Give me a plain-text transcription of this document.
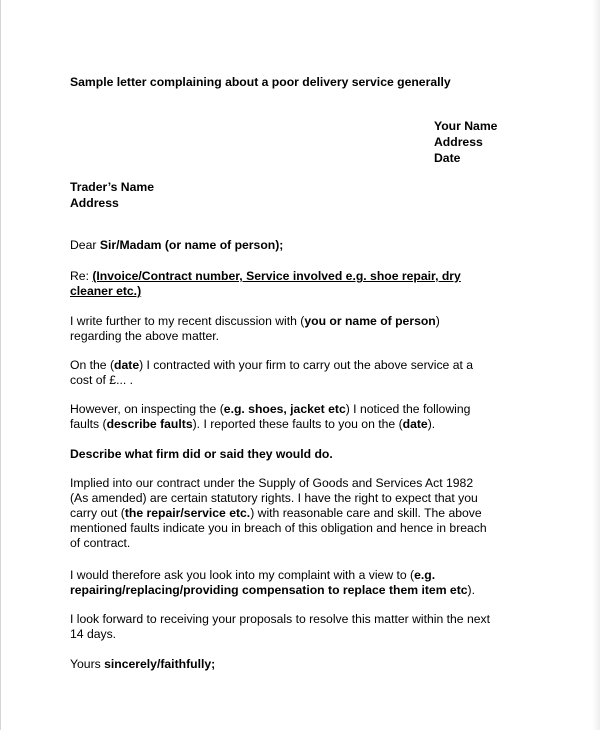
Sample letter complaining about a poor delivery service generally
Your Name
Address
Date
Trader’s Name
Address
Dear Sir/Madam (or name of person);
Re: (Invoice/Contract number, Service involved e.g. shoe repair, dry
cleaner etc.)
I write further to my recent discussion with (you or name of person)
regarding the above matter.
On the (date) I contracted with your firm to carry out the above service at a
cost of £... .
However, on inspecting the (e.g. shoes, jacket etc) I noticed the following
faults (describe faults). I reported these faults to you on the (date).
Describe what firm did or said they would do.
Implied into our contract under the Supply of Goods and Services Act 1982
(As amended) are certain statutory rights. I have the right to expect that you
carry out (the repair/service etc.) with reasonable care and skill. The above
mentioned faults indicate you in breach of this obligation and hence in breach
of contract.
I would therefore ask you look into my complaint with a view to (e.g.
repairing/replacing/providing compensation to replace them item etc).
I look forward to receiving your proposals to resolve this matter within the next
14 days.
Yours sincerely/faithfully;
